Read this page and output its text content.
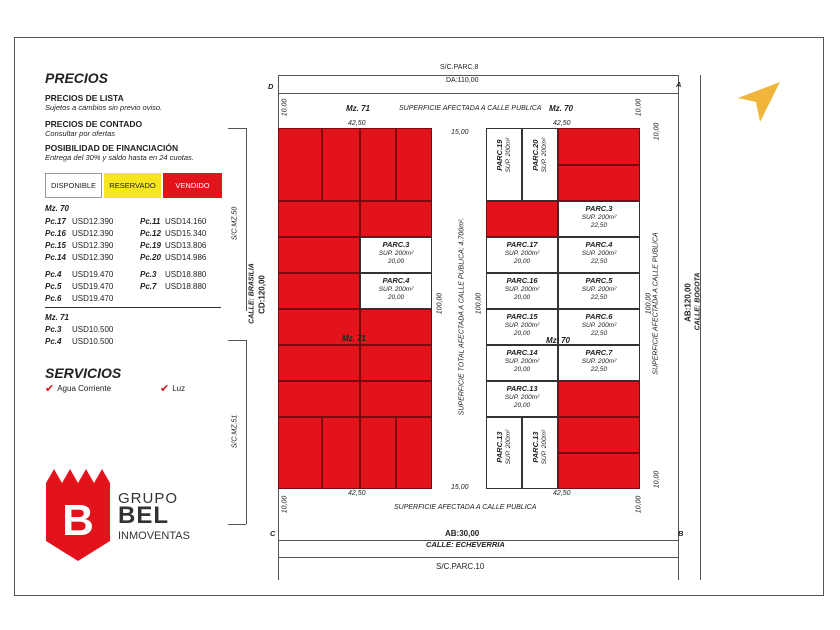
PRECIOS
PRECIOS DE LISTA
Sujetos a cambios sin previo oviso.
PRECIOS DE CONTADO
Consultar por ofertas
POSIBILIDAD DE FINANCIACIÓN
Entrega del 30% y saldo hasta en 24 cuotas.
DISPONIBLE	RESERVADO	VENDIDO
Mz. 70
Pc.17 USD12.390	Pc.11 USD14.160
Pc.16 USD12.390	Pc.12 USD15.340
Pc.15 USD12.390	Pc.19 USD13.806
Pc.14 USD12.390	Pc.20 USD14.986
Pc.4 USD19.470	Pc.3 USD18.880
Pc.5 USD19.470	Pc.7 USD18.880
Pc.6 USD19.470
Mz. 71
Pc.3 USD10.500
Pc.4 USD10.500
SERVICIOS
✔ Agua Corriente	✔ Luz
B GRUPO
BEL
INMOVENTAS
S/C.PARC.8
DA:110,00
D	A
C	B
Mz. 71	SUPERFICIE AFECTADA A CALLE PUBLICA Mz. 70
42,50	42,50
15,00
15,00
42,50	42,50
SUPERFICIE AFECTADA A CALLE PUBLICA
AB:30,00
CALLE: ECHEVERRIA
S/C.PARC.10
CALLE: BRASILIA CD:120,00
S/C.MZ.50
S/C.MZ.51
SUPERFICIE TOTAL AFECTADA A CALLE PUBLICA: 4.700m².	SUPERFICIE AFECTADA A CALLE PUBLICA	AB:120,00 CALLE: BOGOTA
10,00	10,00
10,00	10,00
100,00	100,00	100,00
10,00
10,00
PARC.3
SUP. 200m²
20,00
PARC.4
SUP. 200m²
20,00
Mz. 71
PARC.19
SUP. 200m²	PARC.20
SUP. 200m²
PARC.17
SUP. 200m²
20,00
PARC.16
SUP. 200m²
20,00
PARC.15
SUP. 200m²
20,00
PARC.14
SUP. 200m²
20,00
PARC.13
SUP. 200m²
20,00
PARC.13
SUP. 200m²	PARC.13
SUP. 200m²
PARC.3
SUP. 200m²
22,50
PARC.4
SUP. 200m²
22,50
PARC.5
SUP. 200m²
22,50
PARC.6
SUP. 200m²
22,50
PARC.7
SUP. 200m²
22,50
Mz. 70
